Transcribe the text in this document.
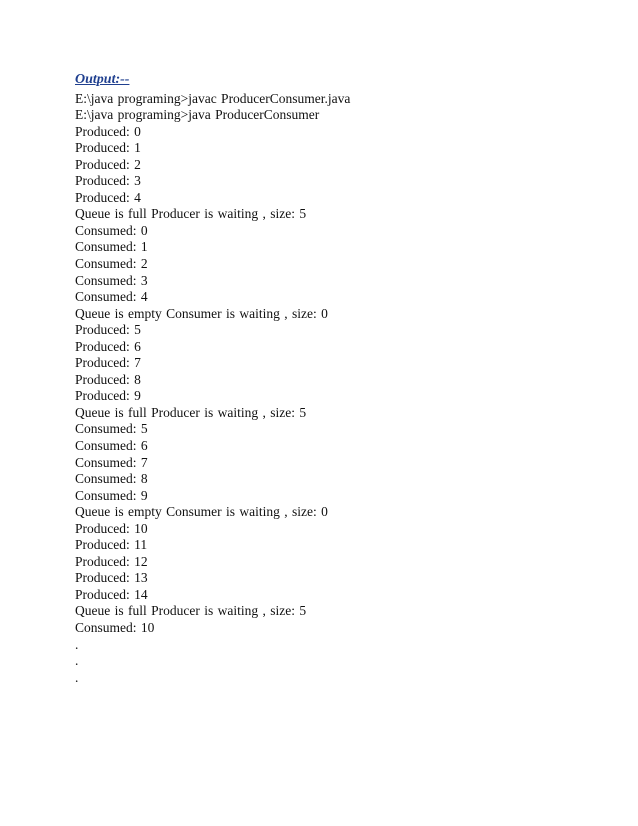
Output:--
E:\java programing>javac ProducerConsumer.java
E:\java programing>java ProducerConsumer
Produced: 0
Produced: 1
Produced: 2
Produced: 3
Produced: 4
Queue is full Producer is waiting , size: 5
Consumed: 0
Consumed: 1
Consumed: 2
Consumed: 3
Consumed: 4
Queue is empty Consumer is waiting , size: 0
Produced: 5
Produced: 6
Produced: 7
Produced: 8
Produced: 9
Queue is full Producer is waiting , size: 5
Consumed: 5
Consumed: 6
Consumed: 7
Consumed: 8
Consumed: 9
Queue is empty Consumer is waiting , size: 0
Produced: 10
Produced: 11
Produced: 12
Produced: 13
Produced: 14
Queue is full Producer is waiting , size: 5
Consumed: 10
.
.
.
